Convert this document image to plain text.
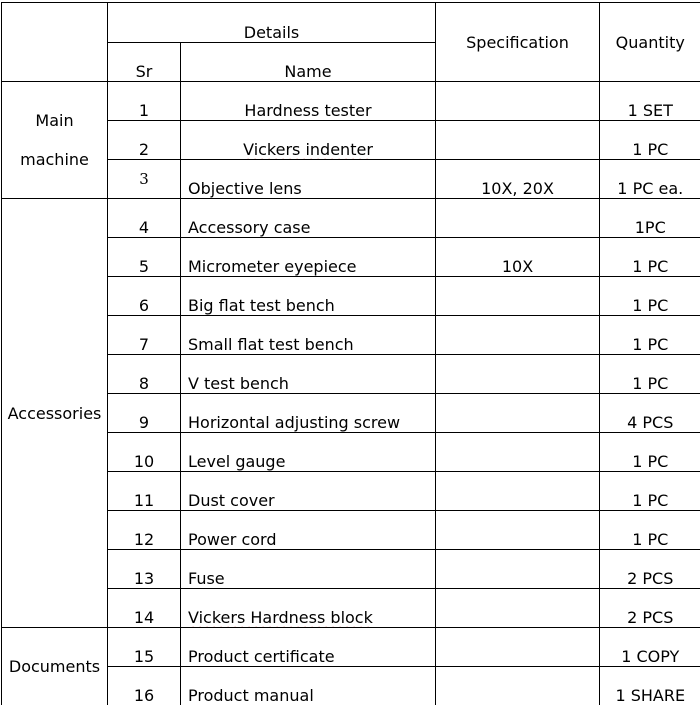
	Details		Specification	Quantity
	Sr	Name		

Main
machine	1	Hardness tester		1 SET
	2	Vickers indenter		1 PC
	3	Objective lens	10X, 20X	1 PC ea.
Accessories	4	Accessory case		1PC
	5	Micrometer eyepiece	10X	1 PC
	6	Big flat test bench		1 PC
	7	Small flat test bench		1 PC
	8	V test bench		1 PC
	9	Horizontal adjusting screw		4 PCS
	10	Level gauge		1 PC
	11	Dust cover		1 PC
	12	Power cord		1 PC
	13	Fuse		2 PCS
	14	Vickers Hardness block		2 PCS
Documents	15	Product certificate		1 COPY
	16	Product manual		1 SHARE
